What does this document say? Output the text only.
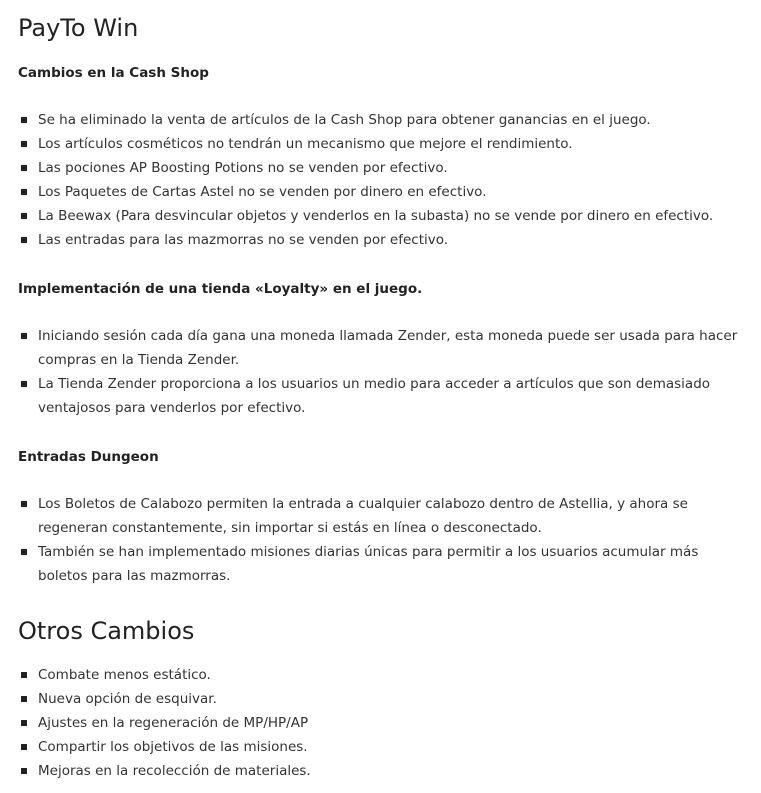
PayTo Win
Cambios en la Cash Shop
Se ha eliminado la venta de artículos de la Cash Shop para obtener ganancias en el juego.
Los artículos cosméticos no tendrán un mecanismo que mejore el rendimiento.
Las pociones AP Boosting Potions no se venden por efectivo.
Los Paquetes de Cartas Astel no se venden por dinero en efectivo.
La Beewax (Para desvincular objetos y venderlos en la subasta) no se vende por dinero en efectivo.
Las entradas para las mazmorras no se venden por efectivo.
Implementación de una tienda «Loyalty» en el juego.
Iniciando sesión cada día gana una moneda llamada Zender, esta moneda puede ser usada para hacer compras en la Tienda Zender.
La Tienda Zender proporciona a los usuarios un medio para acceder a artículos que son demasiado ventajosos para venderlos por efectivo.
Entradas Dungeon
Los Boletos de Calabozo permiten la entrada a cualquier calabozo dentro de Astellia, y ahora se regeneran constantemente, sin importar si estás en línea o desconectado.
También se han implementado misiones diarias únicas para permitir a los usuarios acumular más boletos para las mazmorras.
Otros Cambios
Combate menos estático.
Nueva opción de esquivar.
Ajustes en la regeneración de MP/HP/AP
Compartir los objetivos de las misiones.
Mejoras en la recolección de materiales.
